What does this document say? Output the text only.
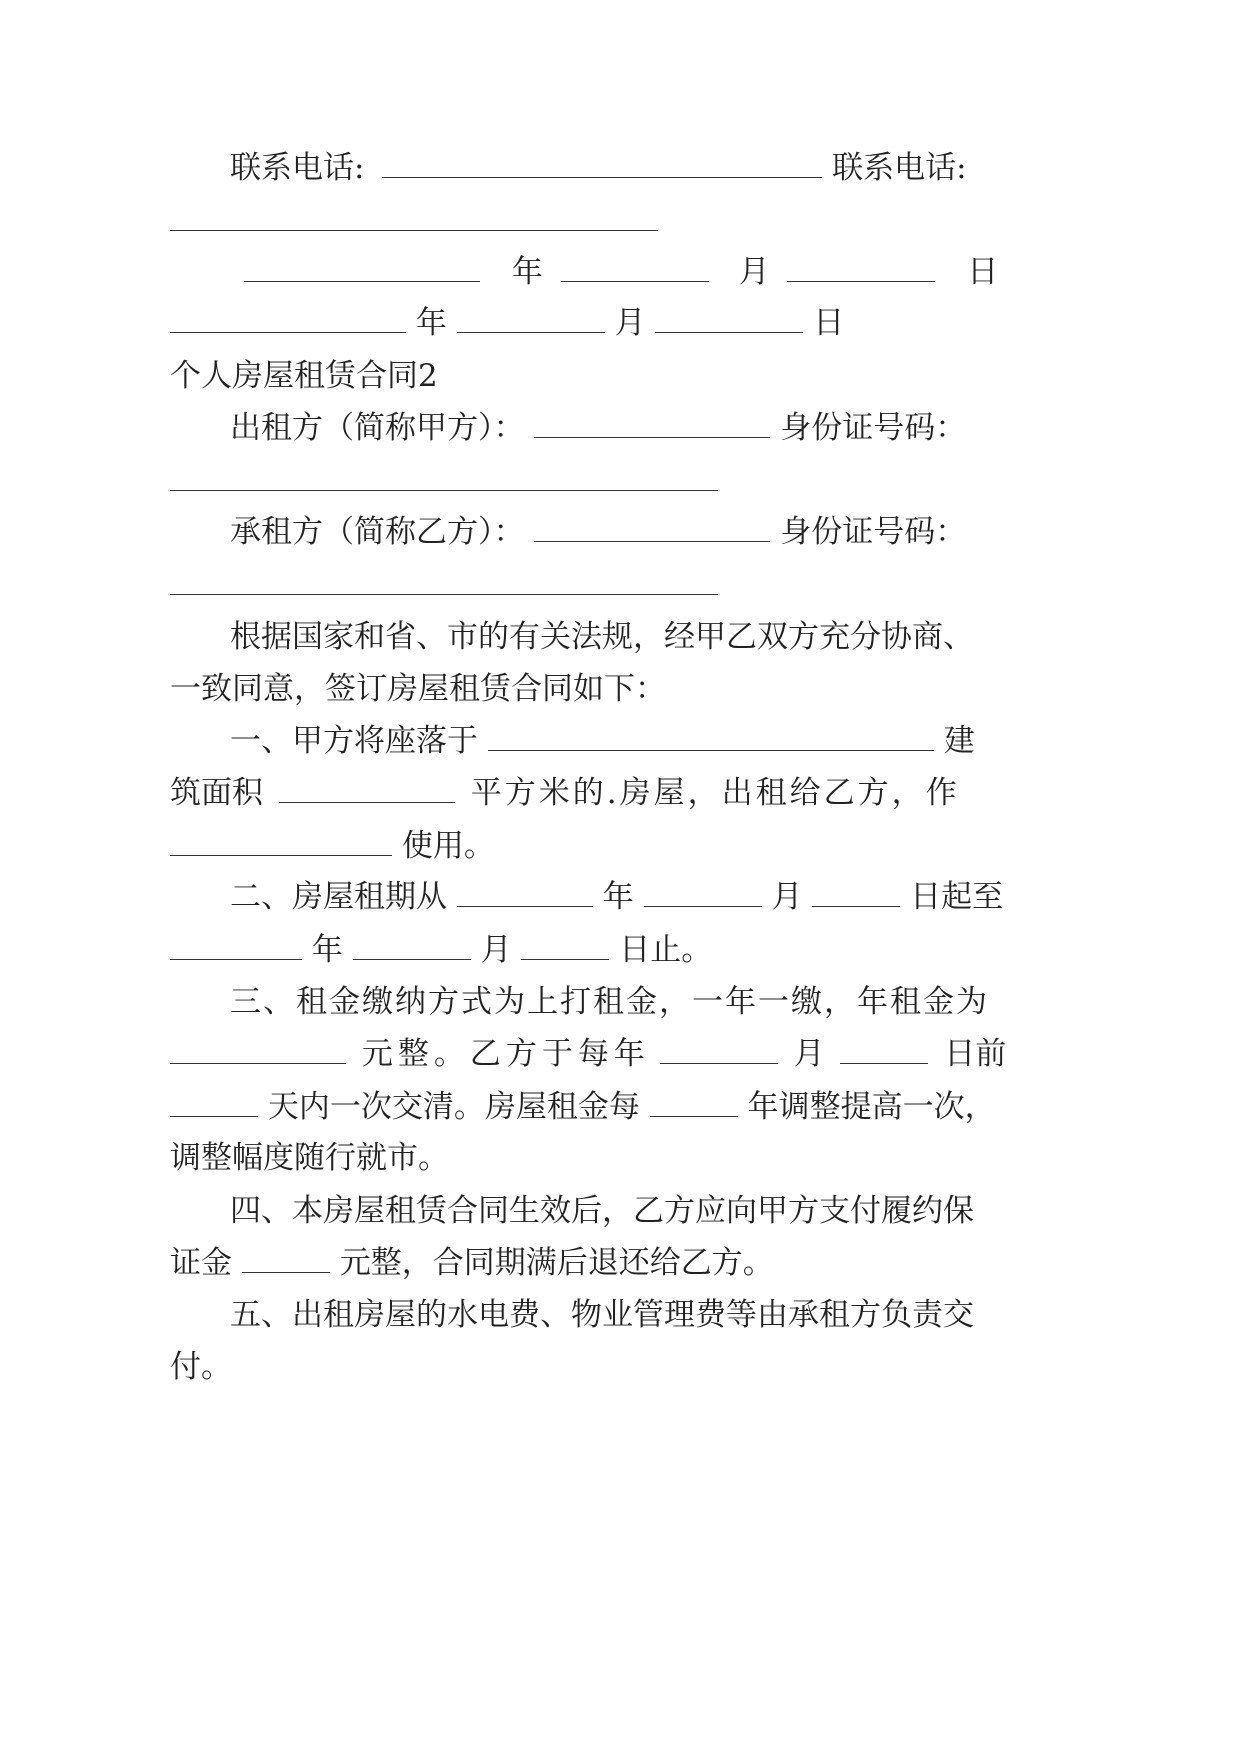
联系电话:	联系电话:
年	月	日
年	月	日
个人房屋租赁合同2
出租方（简称甲方）：	身份证号码：
承租方（简称乙方）：	身份证号码：
根据国家和省、市的有关法规，经甲乙双方充分协商、
一致同意，签订房屋租赁合同如下：
一、甲方将座落于	建
筑面积	平方米的.房屋，出租给乙方，作
使用。
二、房屋租期从	年	月	日起至
年	月	日止。
三、租金缴纳方式为上打租金，一年一缴，年租金为
元整。乙方于每年	月	日前
天内一次交清。房屋租金每	年调整提高一次，
调整幅度随行就市。
四、本房屋租赁合同生效后，乙方应向甲方支付履约保
证金	元整，合同期满后退还给乙方。
五、出租房屋的水电费、物业管理费等由承租方负责交
付。
